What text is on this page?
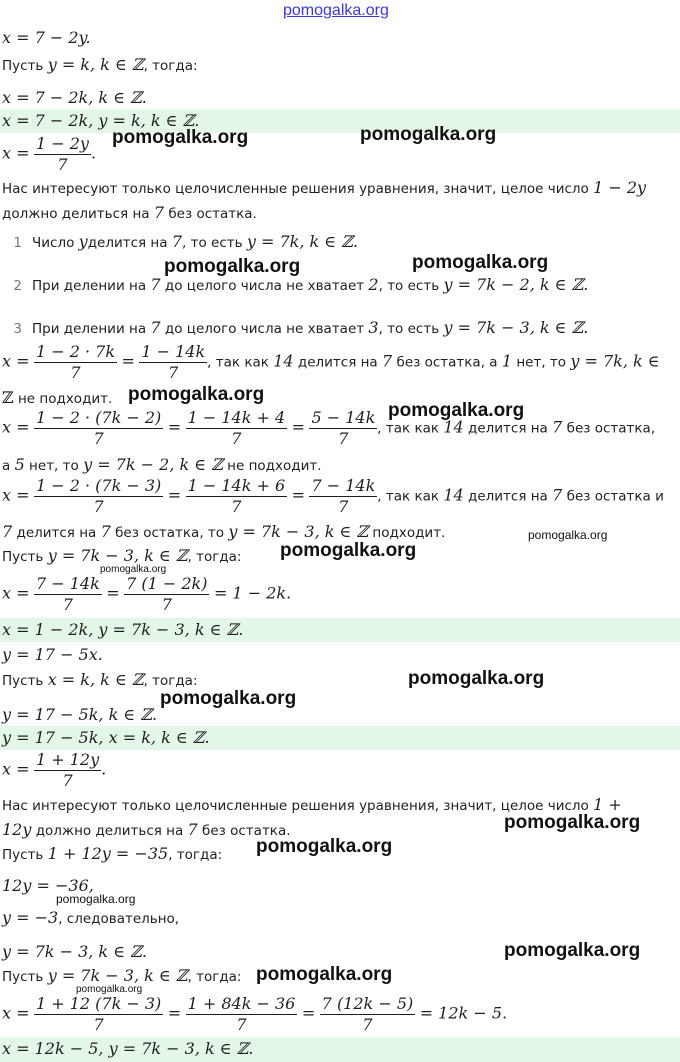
pomogalka.org
x = 7 − 2y.
Пусть y = k, k ∈ ℤ, тогда:
x = 7 − 2k, k ∈ ℤ.
x = 7 − 2k, y = k, k ∈ ℤ.
$x = \frac{1 - 2y}{7}$ .
Нас интересуют только целочисленные решения уравнения, значит, целое число 1 − 2y
должно делиться на 7 без остатка.
1 Число yделится на 7, то есть y = 7k, k ∈ ℤ.
2 При делении на 7 до целого числа не хватает 2, то есть y = 7k − 2, k ∈ ℤ.
3 При делении на 7 до целого числа не хватает 3, то есть y = 7k − 3, k ∈ ℤ.
$x = \frac{1 - 2 \cdot 7k}{7} = \frac{1 - 14k}{7}$ , так как 14 делится на 7 без остатка, а 1 нет, то y = 7k, k ∈
ℤ не подходит.
$x = \frac{1 - 2 \cdot (7k - 2)}{7} = \frac{1 - 14k + 4}{7} = \frac{5 - 14k}{7}$ , так как 14 делится на 7 без остатка,
а 5 нет, то y = 7k − 2, k ∈ ℤ не подходит.
$x = \frac{1 - 2 \cdot (7k - 3)}{7} = \frac{1 - 14k + 6}{7} = \frac{7 - 14k}{7}$ , так как 14 делится на 7 без остатка и
7 делится на 7 без остатка, то y = 7k − 3, k ∈ ℤ подходит.
Пусть y = 7k − 3, k ∈ ℤ, тогда:
$x = \frac{7 - 14k}{7} = \frac{7 (1 - 2k)}{7} = 1 - 2k$.
x = 1 − 2k, y = 7k − 3, k ∈ ℤ.
y = 17 − 5x.
Пусть x = k, k ∈ ℤ, тогда:
y = 17 − 5k, k ∈ ℤ.
y = 17 − 5k, x = k, k ∈ ℤ.
$x = \frac{1 + 12y}{7}$ .
Нас интересуют только целочисленные решения уравнения, значит, целое число 1 +
12y должно делиться на 7 без остатка.
Пусть 1 + 12y = −35, тогда:
12y = −36,
y = −3, следовательно,
y = 7k − 3, k ∈ ℤ.
Пусть y = 7k − 3, k ∈ ℤ, тогда:
$x = \frac{1 + 12 (7k - 3)}{7} = \frac{1 + 84k - 36}{7} = \frac{7 (12k - 5)}{7} = 12k - 5$.
x = 12k − 5, y = 7k − 3, k ∈ ℤ.
pomogalka.org	pomogalka.org
pomogalka.org	pomogalka.org
pomogalka.org
pomogalka.org
pomogalka.org
pomogalka.org
pomogalka.org
pomogalka.org
pomogalka.org
pomogalka.org
pomogalka.org
pomogalka.org
pomogalka.org
pomogalka.org
pomogalka.org
